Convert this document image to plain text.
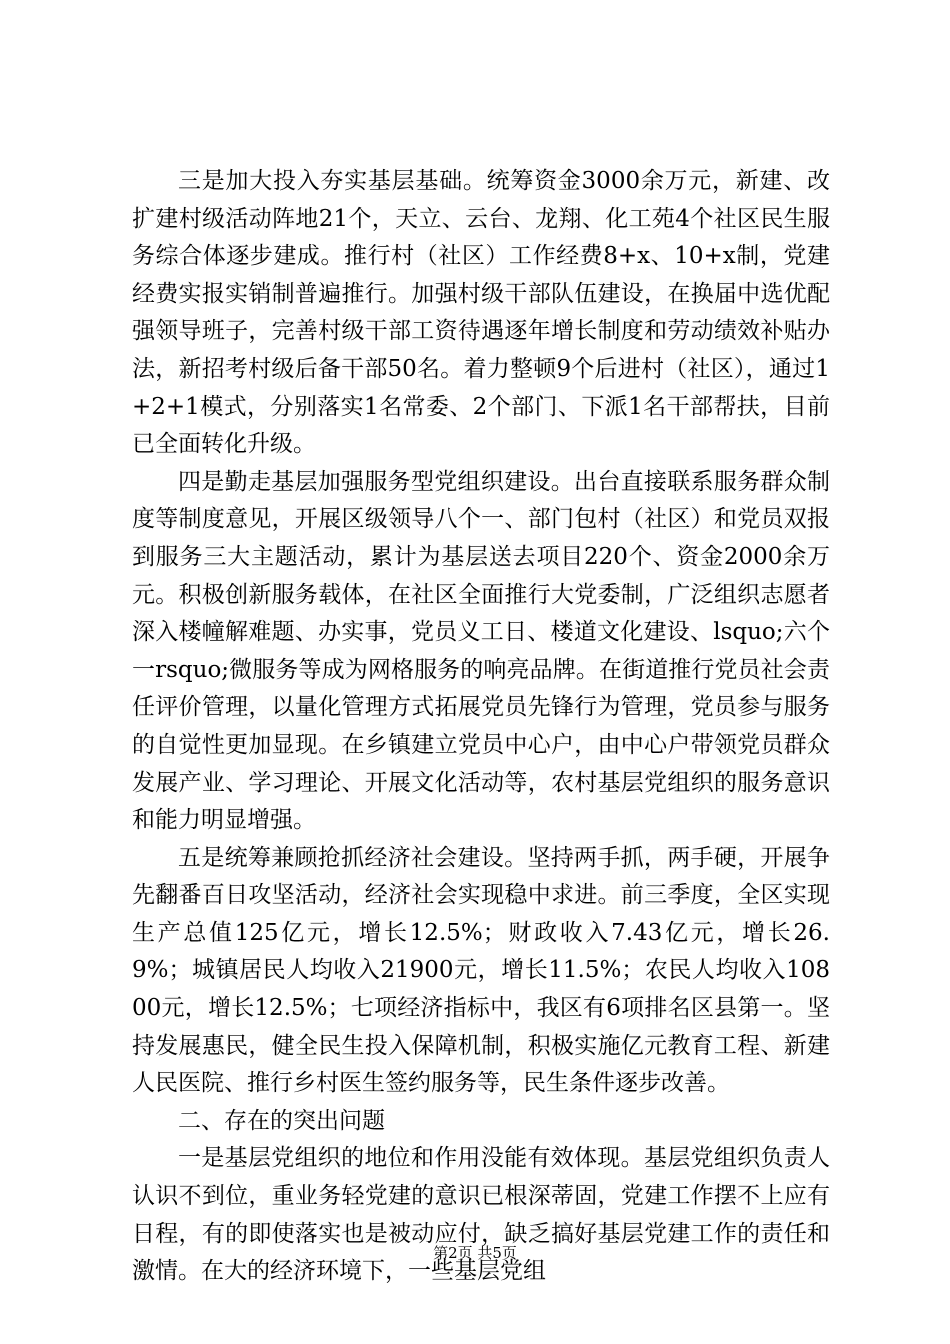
三是加大投入夯实基层基础。统筹资金3000余万元，新建、改扩建村级活动阵地21个，天立、云台、龙翔、化工苑4个社区民生服务综合体逐步建成。推行村（社区）工作经费8+x、10+x制，党建经费实报实销制普遍推行。加强村级干部队伍建设，在换届中选优配强领导班子，完善村级干部工资待遇逐年增长制度和劳动绩效补贴办法，新招考村级后备干部50名。着力整顿9个后进村（社区），通过1+2+1模式，分别落实1名常委、2个部门、下派1名干部帮扶，目前已全面转化升级。

四是勤走基层加强服务型党组织建设。出台直接联系服务群众制度等制度意见，开展区级领导八个一、部门包村（社区）和党员双报到服务三大主题活动，累计为基层送去项目220个、资金2000余万元。积极创新服务载体，在社区全面推行大党委制，广泛组织志愿者深入楼幢解难题、办实事，党员义工日、楼道文化建设、lsquo;六个一rsquo;微服务等成为网格服务的响亮品牌。在街道推行党员社会责任评价管理，以量化管理方式拓展党员先锋行为管理，党员参与服务的自觉性更加显现。在乡镇建立党员中心户，由中心户带领党员群众发展产业、学习理论、开展文化活动等，农村基层党组织的服务意识和能力明显增强。

五是统筹兼顾抢抓经济社会建设。坚持两手抓，两手硬，开展争先翻番百日攻坚活动，经济社会实现稳中求进。前三季度，全区实现生产总值125亿元，增长12.5%；财政收入7.43亿元，增长26.9%；城镇居民人均收入21900元，增长11.5%；农民人均收入10800元，增长12.5%；七项经济指标中，我区有6项排名区县第一。坚持发展惠民，健全民生投入保障机制，积极实施亿元教育工程、新建人民医院、推行乡村医生签约服务等，民生条件逐步改善。

二、存在的突出问题

一是基层党组织的地位和作用没能有效体现。基层党组织负责人认识不到位，重业务轻党建的意识已根深蒂固，党建工作摆不上应有日程，有的即使落实也是被动应付，缺乏搞好基层党建工作的责任和激情。在大的经济环境下，一些基层党组

第2页 共5页
